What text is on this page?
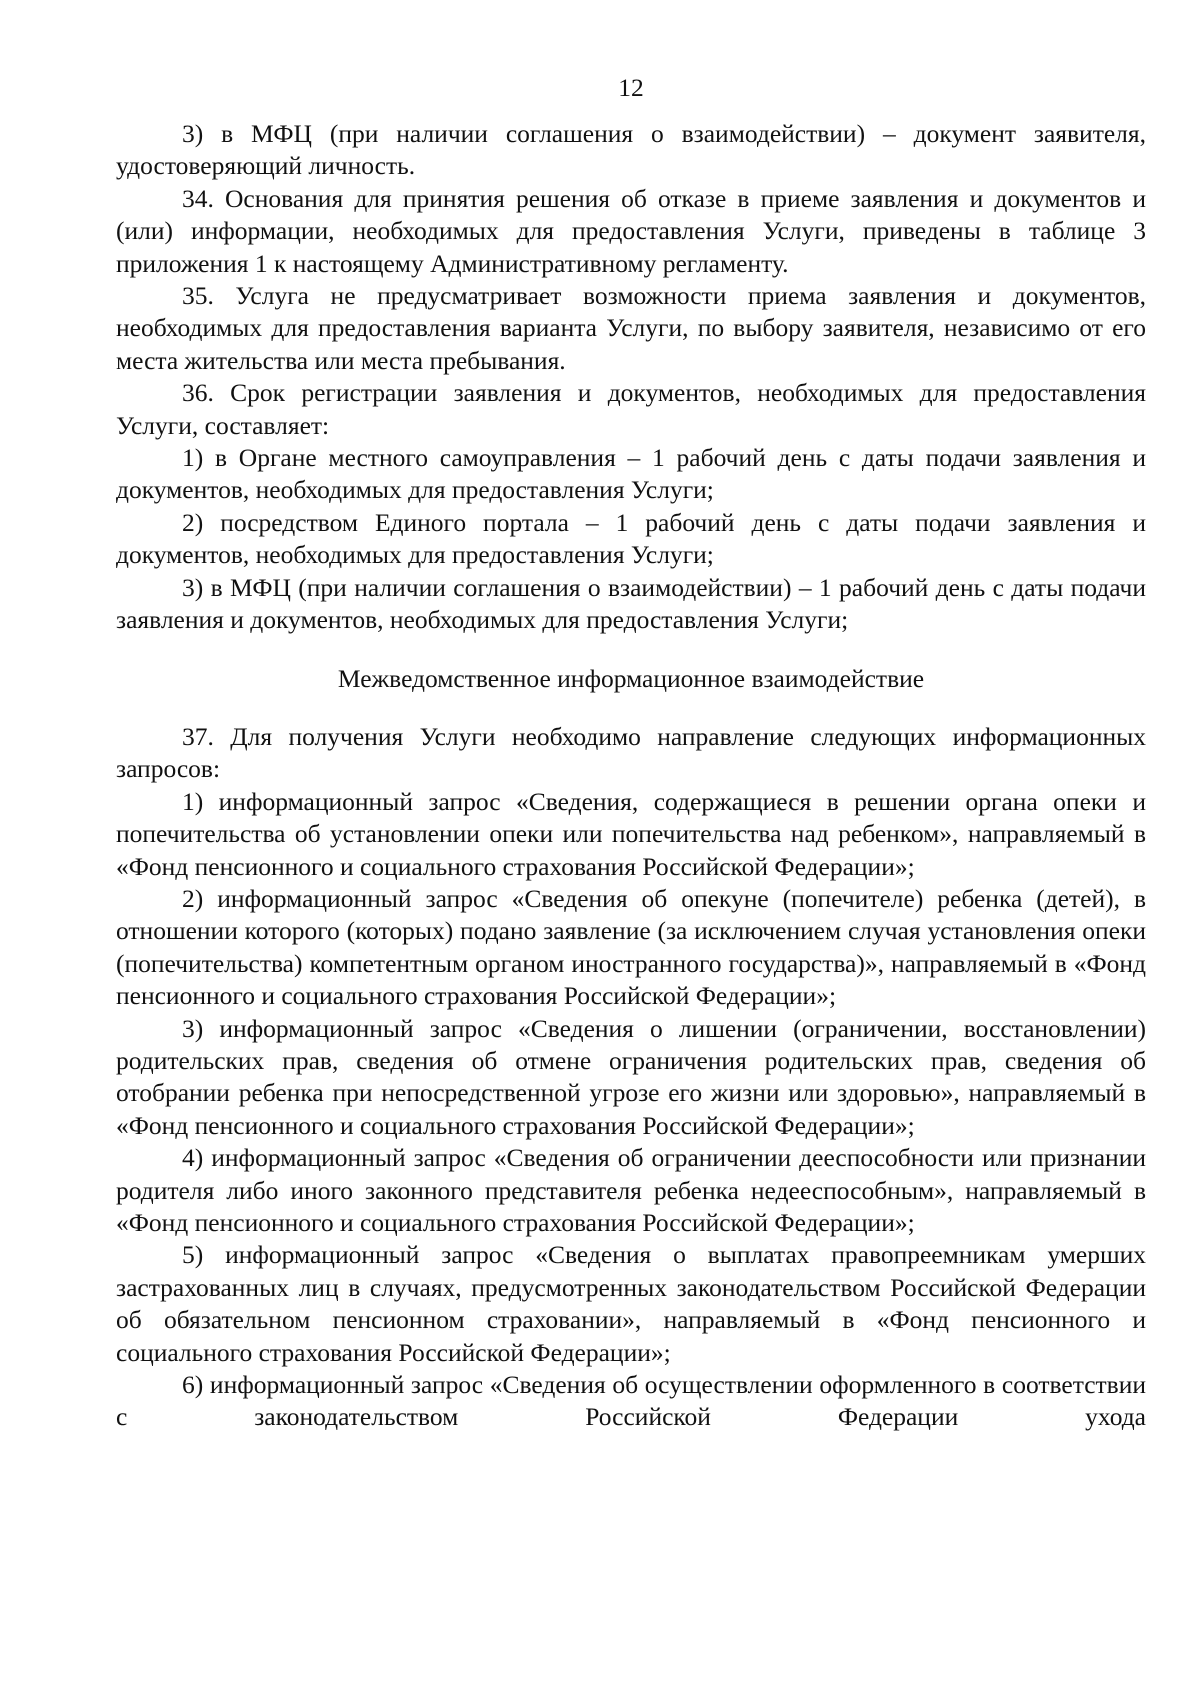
12

3) в МФЦ (при наличии соглашения о взаимодействии) – документ заявителя, удостоверяющий личность.

34. Основания для принятия решения об отказе в приеме заявления и документов и (или) информации, необходимых для предоставления Услуги, приведены в таблице 3 приложения 1 к настоящему Административному регламенту.

35. Услуга не предусматривает возможности приема заявления и документов, необходимых для предоставления варианта Услуги, по выбору заявителя, независимо от его места жительства или места пребывания.

36. Срок регистрации заявления и документов, необходимых для предоставления Услуги, составляет:

1) в Органе местного самоуправления – 1 рабочий день с даты подачи заявления и документов, необходимых для предоставления Услуги;

2) посредством Единого портала – 1 рабочий день с даты подачи заявления и документов, необходимых для предоставления Услуги;

3) в МФЦ (при наличии соглашения о взаимодействии) – 1 рабочий день с даты подачи заявления и документов, необходимых для предоставления Услуги;

Межведомственное информационное взаимодействие

37. Для получения Услуги необходимо направление следующих информационных запросов:

1) информационный запрос «Сведения, содержащиеся в решении органа опеки и попечительства об установлении опеки или попечительства над ребенком», направляемый в «Фонд пенсионного и социального страхования Российской Федерации»;

2) информационный запрос «Сведения об опекуне (попечителе) ребенка (детей), в отношении которого (которых) подано заявление (за исключением случая установления опеки (попечительства) компетентным органом иностранного государства)», направляемый в «Фонд пенсионного и социального страхования Российской Федерации»;

3) информационный запрос «Сведения о лишении (ограничении, восстановлении) родительских прав, сведения об отмене ограничения родительских прав, сведения об отобрании ребенка при непосредственной угрозе его жизни или здоровью», направляемый в «Фонд пенсионного и социального страхования Российской Федерации»;

4) информационный запрос «Сведения об ограничении дееспособности или признании родителя либо иного законного представителя ребенка недееспособным», направляемый в «Фонд пенсионного и социального страхования Российской Федерации»;

5) информационный запрос «Сведения о выплатах правопреемникам умерших застрахованных лиц в случаях, предусмотренных законодательством Российской Федерации об обязательном пенсионном страховании», направляемый в «Фонд пенсионного и социального страхования Российской Федерации»;

6) информационный запрос «Сведения об осуществлении оформленного в соответствии с законодательством Российской Федерации ухода
